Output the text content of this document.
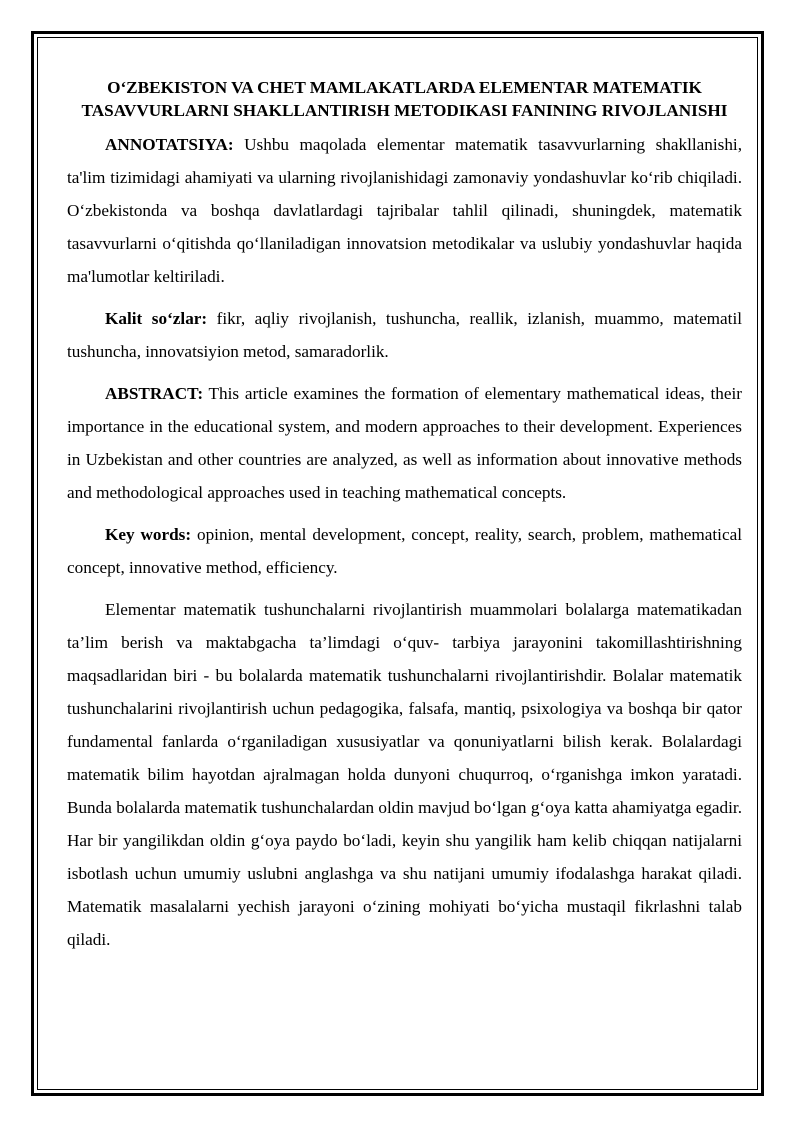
O‘ZBEKISTON VA CHET MAMLAKATLARDA ELEMENTAR MATEMATIK TASAVVURLARNI SHAKLLANTIRISH METODIKASI FANINING RIVOJLANISHI

ANNOTATSIYA: Ushbu maqolada elementar matematik tasavvurlarning shakllanishi, ta'lim tizimidagi ahamiyati va ularning rivojlanishidagi zamonaviy yondashuvlar ko‘rib chiqiladi. O‘zbekistonda va boshqa davlatlardagi tajribalar tahlil qilinadi, shuningdek, matematik tasavvurlarni o‘qitishda qo‘llaniladigan innovatsion metodikalar va uslubiy yondashuvlar haqida ma'lumotlar keltiriladi.

Kalit so‘zlar: fikr, aqliy rivojlanish, tushuncha, reallik, izlanish, muammo, matematil tushuncha, innovatsiyion metod, samaradorlik.

ABSTRACT: This article examines the formation of elementary mathematical ideas, their importance in the educational system, and modern approaches to their development. Experiences in Uzbekistan and other countries are analyzed, as well as information about innovative methods and methodological approaches used in teaching mathematical concepts.

Key words: opinion, mental development, concept, reality, search, problem, mathematical concept, innovative method, efficiency.

Elementar matematik tushunchalarni rivojlantirish muammolari bolalarga matematikadan ta’lim berish va maktabgacha ta’limdagi o‘quv- tarbiya jarayonini takomillashtirishning maqsadlaridan biri - bu bolalarda matematik tushunchalarni rivojlantirishdir. Bolalar matematik tushunchalarini rivojlantirish uchun pedagogika, falsafa, mantiq, psixologiya va boshqa bir qator fundamental fanlarda o‘rganiladigan xususiyatlar va qonuniyatlarni bilish kerak. Bolalardagi matematik bilim hayotdan ajralmagan holda dunyoni chuqurroq, o‘rganishga imkon yaratadi. Bunda bolalarda matematik tushunchalardan oldin mavjud bo‘lgan g‘oya katta ahamiyatga egadir. Har bir yangilikdan oldin g‘oya paydo bo‘ladi, keyin shu yangilik ham kelib chiqqan natijalarni isbotlash uchun umumiy uslubni anglashga va shu natijani umumiy ifodalashga harakat qiladi. Matematik masalalarni yechish jarayoni o‘zining mohiyati bo‘yicha mustaqil fikrlashni talab qiladi.
